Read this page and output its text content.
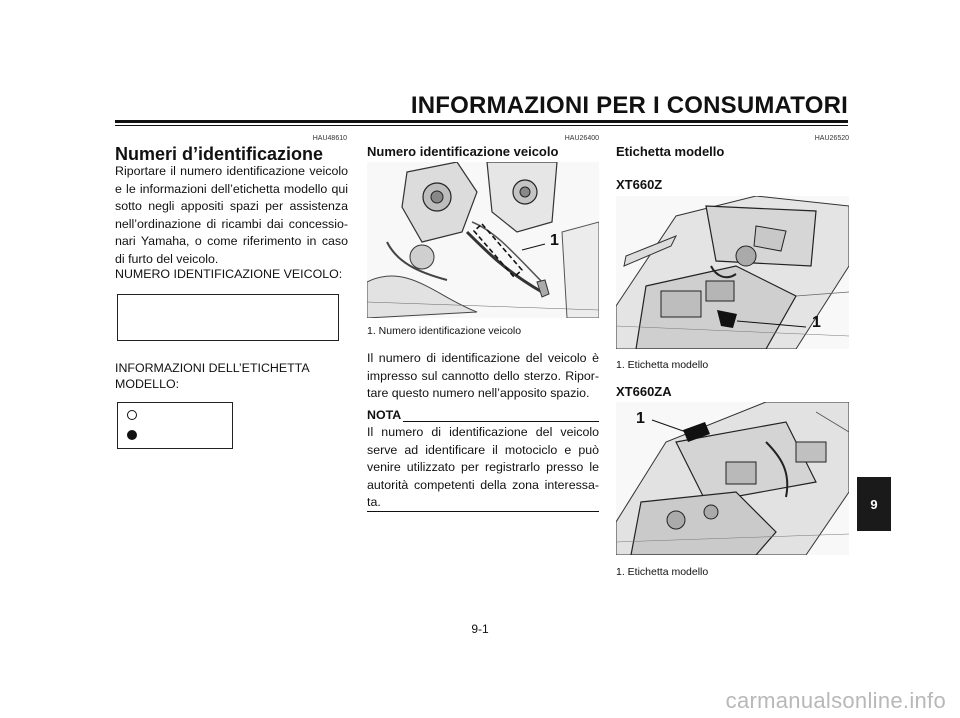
INFORMAZIONI PER I CONSUMATORI
HAU48610
Numeri d’identificazione

Riportare il numero identificazione veicolo e le informazioni dell’etichetta modello qui sotto negli appositi spazi per assistenza nell’ordinazione di ricambi dai concessio-nari Yamaha, o come riferimento in caso di furto del veicolo.

NUMERO IDENTIFICAZIONE VEICOLO:
INFORMAZIONI DELL’ETICHETTA
MODELLO:
HAU26400
Numero identificazione veicolo
1
1. Numero identificazione veicolo

Il numero di identificazione del veicolo è impresso sul cannotto dello sterzo. Ripor-tare questo numero nell’apposito spazio.

NOTA

Il numero di identificazione del veicolo serve ad identificare il motociclo e può venire utilizzato per registrarlo presso le autorità competenti della zona interessa-ta.

HAU26520
Etichetta modello
XT660Z
1
1. Etichetta modello
XT660ZA
1
1. Etichetta modello
9
9-1
carmanualsonline.info
